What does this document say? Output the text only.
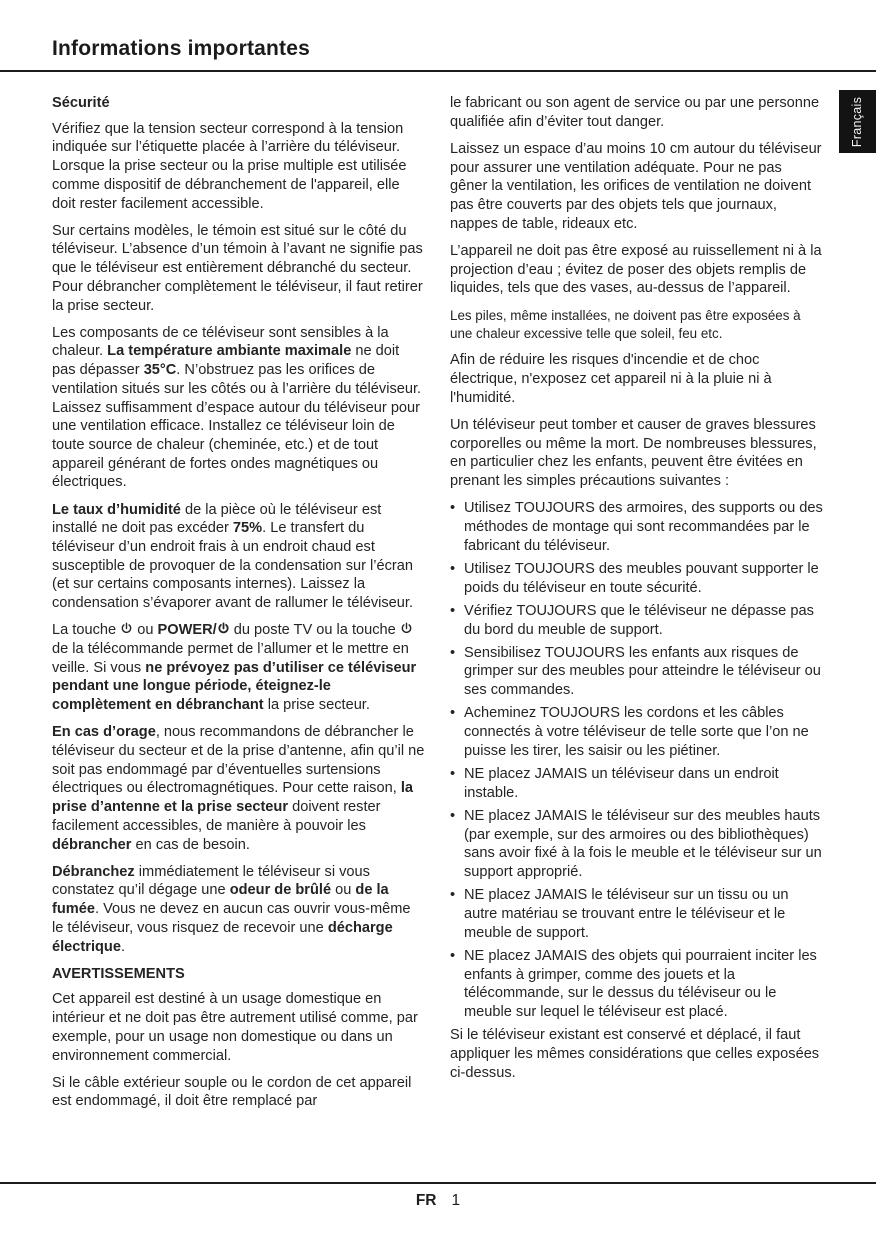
Informations importantes
Français
Sécurité

Vérifiez que la tension secteur correspond à la tension indiquée sur l’étiquette placée à l’arrière du téléviseur. Lorsque la prise secteur ou la prise multiple est utilisée comme dispositif de débranchement de l'appareil, elle doit rester facilement accessible.

Sur certains modèles, le témoin est situé sur le côté du téléviseur. L’absence d’un témoin à l’avant ne signifie pas que le téléviseur est entièrement débranché du secteur. Pour débrancher complètement le téléviseur, il faut retirer la prise secteur.

Les composants de ce téléviseur sont sensibles à la chaleur. La température ambiante maximale ne doit pas dépasser 35°C. N’obstruez pas les orifices de ventilation situés sur les côtés ou à l’arrière du téléviseur. Laissez suffisamment d’espace autour du téléviseur pour une ventilation efficace. Installez ce téléviseur loin de toute source de chaleur (cheminée, etc.) et de tout appareil générant de fortes ondes magnétiques ou électriques.

Le taux d’humidité de la pièce où le téléviseur est installé ne doit pas excéder 75%. Le transfert du téléviseur d’un endroit frais à un endroit chaud est susceptible de provoquer de la condensation sur l’écran (et sur certains composants internes). Laissez la condensation s’évaporer avant de rallumer le téléviseur.

La touche
ou POWER/
du poste TV ou la touche
de la télécommande permet de l’allumer et le mettre en veille. Si vous ne prévoyez pas d’utiliser ce téléviseur pendant une longue période, éteignez-le complètement en débranchant la prise secteur.

En cas d’orage, nous recommandons de débrancher le téléviseur du secteur et de la prise d’antenne, afin qu’il ne soit pas endommagé par d’éventuelles surtensions électriques ou électromagnétiques. Pour cette raison, la prise d’antenne et la prise secteur doivent rester facilement accessibles, de manière à pouvoir les débrancher en cas de besoin.

Débranchez immédiatement le téléviseur si vous constatez qu’il dégage une odeur de brûlé ou de la fumée. Vous ne devez en aucun cas ouvrir vous-même le téléviseur, vous risquez de recevoir une décharge électrique.

AVERTISSEMENTS

Cet appareil est destiné à un usage domestique en intérieur et ne doit pas être autrement utilisé comme, par exemple, pour un usage non domestique ou dans un environnement commercial.

Si le câble extérieur souple ou le cordon de cet appareil est endommagé, il doit être remplacé par

le fabricant ou son agent de service ou par une personne qualifiée afin d’éviter tout danger.

Laissez un espace d’au moins 10 cm autour du téléviseur pour assurer une ventilation adéquate. Pour ne pas gêner la ventilation, les orifices de ventilation ne doivent pas être couverts par des objets tels que journaux, nappes de table, rideaux etc.

L’appareil ne doit pas être exposé au ruissellement ni à la projection d’eau ; évitez de poser des objets remplis de liquides, tels que des vases, au-dessus de l’appareil.

Les piles, même installées, ne doivent pas être exposées à une chaleur excessive telle que soleil, feu etc.

Afin de réduire les risques d'incendie et de choc électrique, n'exposez cet appareil ni à la pluie ni à l'humidité.

Un téléviseur peut tomber et causer de graves blessures corporelles ou même la mort. De nombreuses blessures, en particulier chez les enfants, peuvent être évitées en prenant les simples précautions suivantes :

• Utilisez TOUJOURS des armoires, des supports ou des méthodes de montage qui sont recommandées par le fabricant du téléviseur.

• Utilisez TOUJOURS des meubles pouvant supporter le poids du téléviseur en toute sécurité.

• Vérifiez TOUJOURS que le téléviseur ne dépasse pas du bord du meuble de support.

• Sensibilisez TOUJOURS les enfants aux risques de grimper sur des meubles pour atteindre le téléviseur ou ses commandes.

• Acheminez TOUJOURS les cordons et les câbles connectés à votre téléviseur de telle sorte que l’on ne puisse les tirer, les saisir ou les piétiner.

• NE placez JAMAIS un téléviseur dans un endroit instable.

• NE placez JAMAIS le téléviseur sur des meubles hauts (par exemple, sur des armoires ou des bibliothèques) sans avoir fixé à la fois le meuble et le téléviseur sur un support approprié.

• NE placez JAMAIS le téléviseur sur un tissu ou un autre matériau se trouvant entre le téléviseur et le meuble de support.

• NE placez JAMAIS des objets qui pourraient inciter les enfants à grimper, comme des jouets et la télécommande, sur le dessus du téléviseur ou le meuble sur lequel le téléviseur est placé.

Si le téléviseur existant est conservé et déplacé, il faut appliquer les mêmes considérations que celles exposées ci-dessus.

FR 1
